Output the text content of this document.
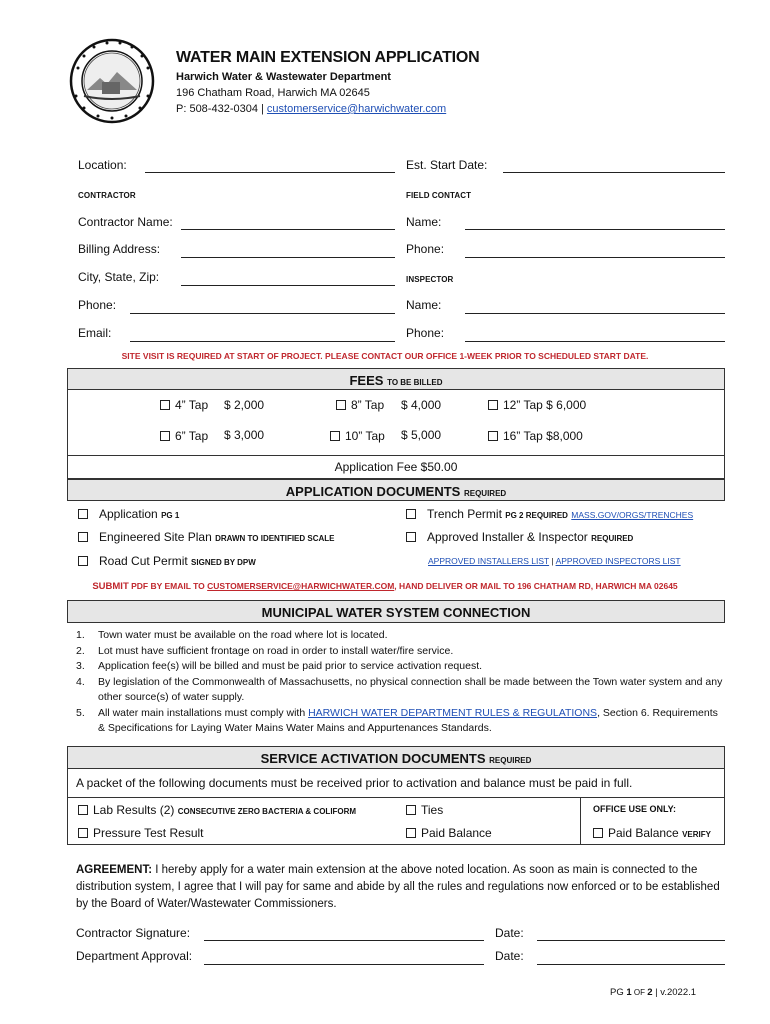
WATER MAIN EXTENSION APPLICATION
Harwich Water & Wastewater Department
196 Chatham Road, Harwich MA 02645
P: 508-432-0304 | customerservice@harwichwater.com
Location:	Est. Start Date:
CONTRACTOR	FIELD CONTACT
Contractor Name:	Name:
Billing Address:	Phone:
City, State, Zip:	INSPECTOR
Phone:	Name:
Email:	Phone:
SITE VISIT IS REQUIRED AT START OF PROJECT. PLEASE CONTACT OUR OFFICE 1-WEEK PRIOR TO SCHEDULED START DATE.
FEES TO BE BILLED
4” Tap $ 2,000	8” Tap $ 4,000	12” Tap $ 6,000
6” Tap $ 3,000	10” Tap $ 5,000	16” Tap $8,000
Application Fee $50.00
APPLICATION DOCUMENTS REQUIRED
Application PG 1
Engineered Site Plan DRAWN TO IDENTIFIED SCALE
Road Cut Permit SIGNED BY DPW
Trench Permit PG 2 REQUIRED MASS.GOV/ORGS/TRENCHES
Approved Installer & Inspector REQUIRED
APPROVED INSTALLERS LIST | APPROVED INSPECTORS LIST
SUBMIT PDF BY EMAIL TO CUSTOMERSERVICE@HARWICHWATER.COM, HAND DELIVER OR MAIL TO 196 CHATHAM RD, HARWICH MA 02645
MUNICIPAL WATER SYSTEM CONNECTION
1. Town water must be available on the road where lot is located.
2. Lot must have sufficient frontage on road in order to install water/fire service.
3. Application fee(s) will be billed and must be paid prior to service activation request.
4. By legislation of the Commonwealth of Massachusetts, no physical connection shall be made between the Town water system and any other source(s) of water supply.
5. All water main installations must comply with HARWICH WATER DEPARTMENT RULES & REGULATIONS, Section 6. Requirements & Specifications for Laying Water Mains Water Mains and Appurtenances Standards.
SERVICE ACTIVATION DOCUMENTS REQUIRED
A packet of the following documents must be received prior to activation and balance must be paid in full.
Lab Results (2) CONSECUTIVE ZERO BACTERIA & COLIFORM	Ties	OFFICE USE ONLY:
Pressure Test Result	Paid Balance	Paid Balance VERIFY
AGREEMENT: I hereby apply for a water main extension at the above noted location. As soon as main is connected to the distribution system, I agree that I will pay for same and abide by all the rules and regulations now enforced or to be established by the Board of Water/Wastewater Commissioners.
Contractor Signature:	Date:
Department Approval:	Date:
PG 1 OF 2 | v.2022.1
